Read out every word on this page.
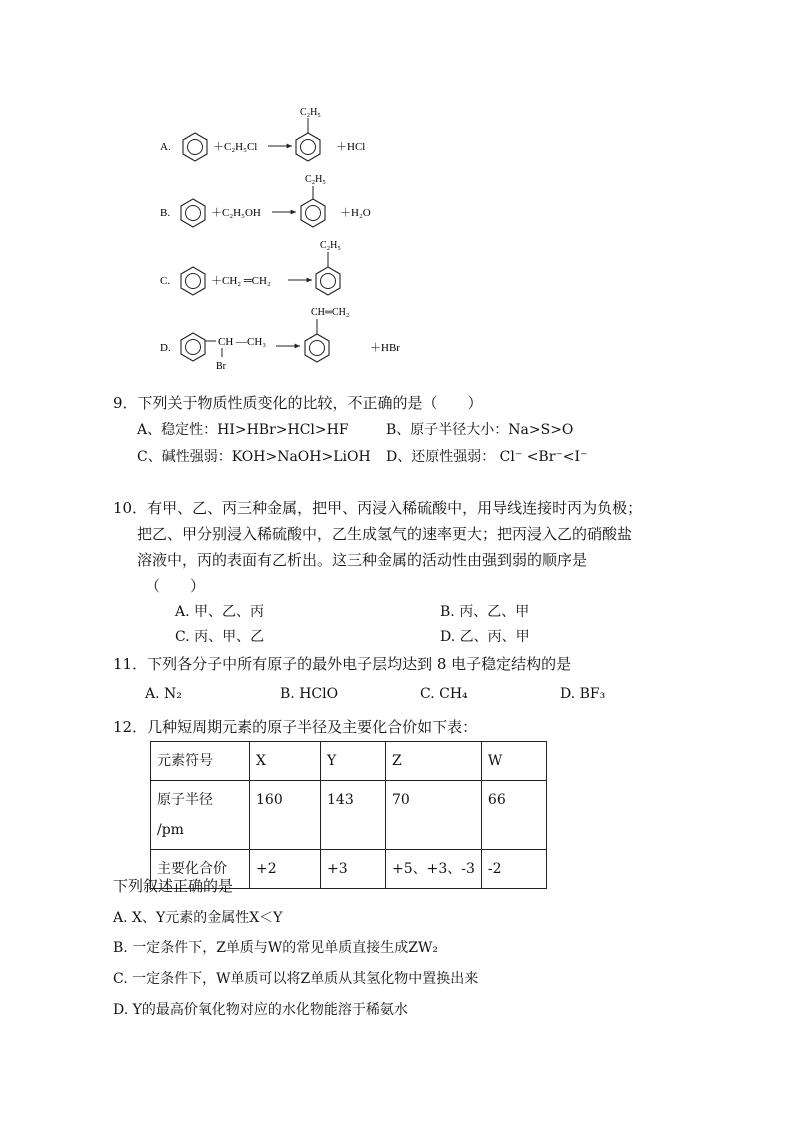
A.	＋C₂H₅Cl
C₂H₅
＋HCl
B.	＋C₂H₅OH
C₂H₅
＋H₂O
C.	＋CH₂ ═CH₂
C₂H₅
D.	CH —CH₃
Br
CH═CH₂
＋HBr
9．下列关于物质性质变化的比较，不正确的是（　　）
A、稳定性：HI>HBr>HCl>HF	B、原子半径大小：Na>S>O
C、碱性强弱：KOH>NaOH>LiOH D、还原性强弱： Cl⁻ <Br⁻<I⁻
10．有甲、乙、丙三种金属，把甲、丙浸入稀硫酸中，用导线连接时丙为负极；
把乙、甲分别浸入稀硫酸中，乙生成氢气的速率更大；把丙浸入乙的硝酸盐
溶液中，丙的表面有乙析出。这三种金属的活动性由强到弱的顺序是
（　　）
A. 甲、乙、丙	B. 丙、乙、甲
C. 丙、甲、乙	D. 乙、丙、甲
11．下列各分子中所有原子的最外电子层均达到 8 电子稳定结构的是
A. N₂	B. HClO	C. CH₄	D. BF₃
12．几种短周期元素的原子半径及主要化合价如下表：
元素符号	X	Y	Z	W
原子半径
/pm	160	143	70	66
主要化合价	+2	+3	+5、+3、-3	-2
下列叙述正确的是
A. X、Y元素的金属性X＜Y
B. 一定条件下，Z单质与W的常见单质直接生成ZW₂
C. 一定条件下，W单质可以将Z单质从其氢化物中置换出来
D. Y的最高价氧化物对应的水化物能溶于稀氨水
